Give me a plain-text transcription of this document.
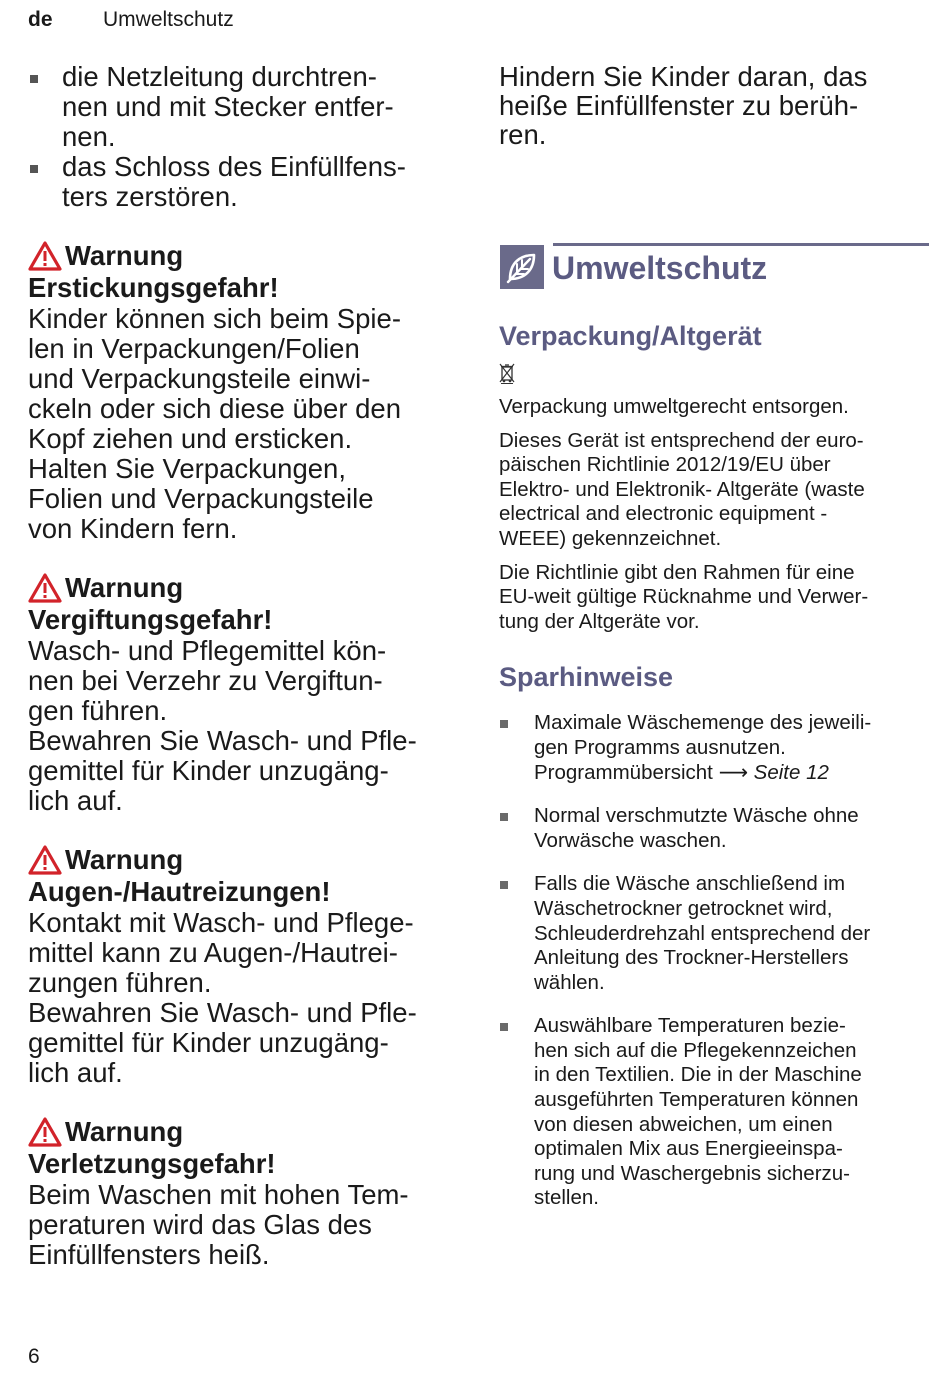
de Umweltschutz
die Netzleitung durchtren-
nen und mit Stecker entfer-
nen.
das Schloss des Einfüllfens-
ters zerstören.
Warnung
Erstickungsgefahr!
Kinder können sich beim Spie-
len in Verpackungen/Folien
und Verpackungsteile einwi-
ckeln oder sich diese über den
Kopf ziehen und ersticken.
Halten Sie Verpackungen,
Folien und Verpackungsteile
von Kindern fern.
Warnung
Vergiftungsgefahr!
Wasch- und Pflegemittel kön-
nen bei Verzehr zu Vergiftun-
gen führen.
Bewahren Sie Wasch- und Pfle-
gemittel für Kinder unzugäng-
lich auf.
Warnung
Augen-/Hautreizungen!
Kontakt mit Wasch- und Pflege-
mittel kann zu Augen-/Hautrei-
zungen führen.
Bewahren Sie Wasch- und Pfle-
gemittel für Kinder unzugäng-
lich auf.
Warnung
Verletzungsgefahr!
Beim Waschen mit hohen Tem-
peraturen wird das Glas des
Einfüllfensters heiß.
Hindern Sie Kinder daran, das
heiße Einfüllfenster zu berüh-
ren.
Umweltschutz
Verpackung/Altgerät

Verpackung umweltgerecht entsorgen.

Dieses Gerät ist entsprechend der euro-
päischen Richtlinie 2012/19/EU über
Elektro- und Elektronik- Altgeräte (waste
electrical and electronic equipment -
WEEE) gekennzeichnet.

Die Richtlinie gibt den Rahmen für eine
EU-weit gültige Rücknahme und Verwer-
tung der Altgeräte vor.

Sparhinweise
Maximale Wäschemenge des jeweili-
gen Programms ausnutzen.
Programmübersicht ⟶ Seite 12
Normal verschmutzte Wäsche ohne
Vorwäsche waschen.
Falls die Wäsche anschließend im
Wäschetrockner getrocknet wird,
Schleuderdrehzahl entsprechend der
Anleitung des Trockner-Herstellers
wählen.
Auswählbare Temperaturen bezie-
hen sich auf die Pflegekennzeichen
in den Textilien. Die in der Maschine
ausgeführten Temperaturen können
von diesen abweichen, um einen
optimalen Mix aus Energieeinspa-
rung und Waschergebnis sicherzu-
stellen.
6
